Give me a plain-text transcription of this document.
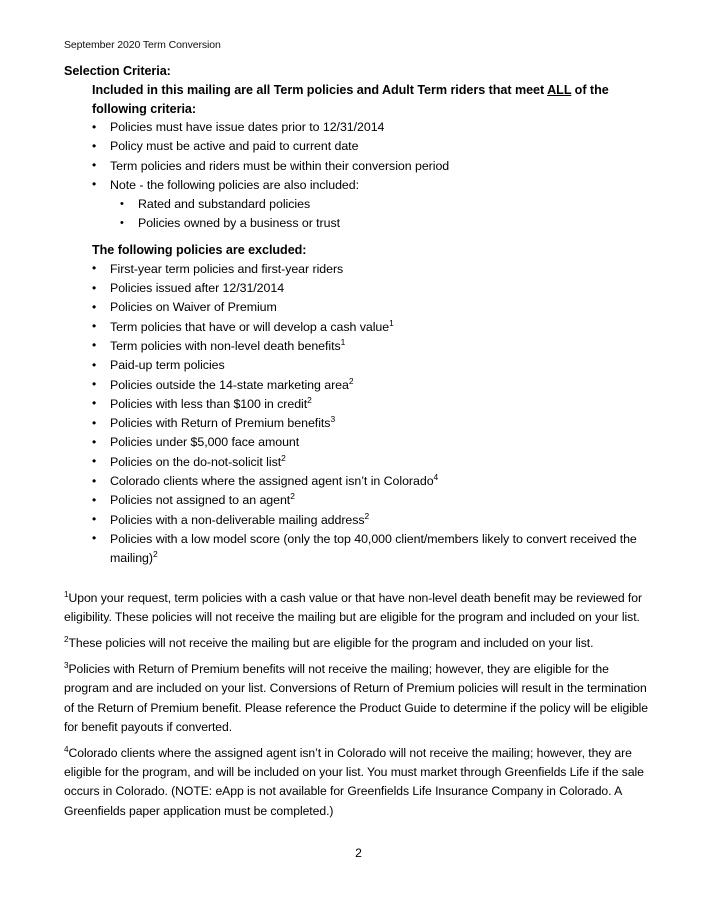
September 2020 Term Conversion
Selection Criteria:

Included in this mailing are all Term policies and Adult Term riders that meet ALL of the following criteria:

• Policies must have issue dates prior to 12/31/2014
• Policy must be active and paid to current date
• Term policies and riders must be within their conversion period
• Note - the following policies are also included:
• Rated and substandard policies
• Policies owned by a business or trust
The following policies are excluded:
• First-year term policies and first-year riders
• Policies issued after 12/31/2014
• Policies on Waiver of Premium
• Term policies that have or will develop a cash value$^1$
• Term policies with non-level death benefits$^1$
• Paid-up term policies
• Policies outside the 14-state marketing area$^2$
• Policies with less than $100 in credit$^2$
• Policies with Return of Premium benefits$^3$
• Policies under $5,000 face amount
• Policies on the do-not-solicit list$^2$
• Colorado clients where the assigned agent isn’t in Colorado$^4$
• Policies not assigned to an agent$^2$
• Policies with a non-deliverable mailing address$^2$
• Policies with a low model score (only the top 40,000 client/members likely to convert received the mailing)$^2$

$^1$Upon your request, term policies with a cash value or that have non-level death benefit may be reviewed for eligibility. These policies will not receive the mailing but are eligible for the program and included on your list.

$^2$These policies will not receive the mailing but are eligible for the program and included on your list.

$^3$Policies with Return of Premium benefits will not receive the mailing; however, they are eligible for the program and are included on your list. Conversions of Return of Premium policies will result in the termination of the Return of Premium benefit. Please reference the Product Guide to determine if the policy will be eligible for benefit payouts if converted.

$^4$Colorado clients where the assigned agent isn’t in Colorado will not receive the mailing; however, they are eligible for the program, and will be included on your list. You must market through Greenfields Life if the sale occurs in Colorado. (NOTE: eApp is not available for Greenfields Life Insurance Company in Colorado. A Greenfields paper application must be completed.)

2
